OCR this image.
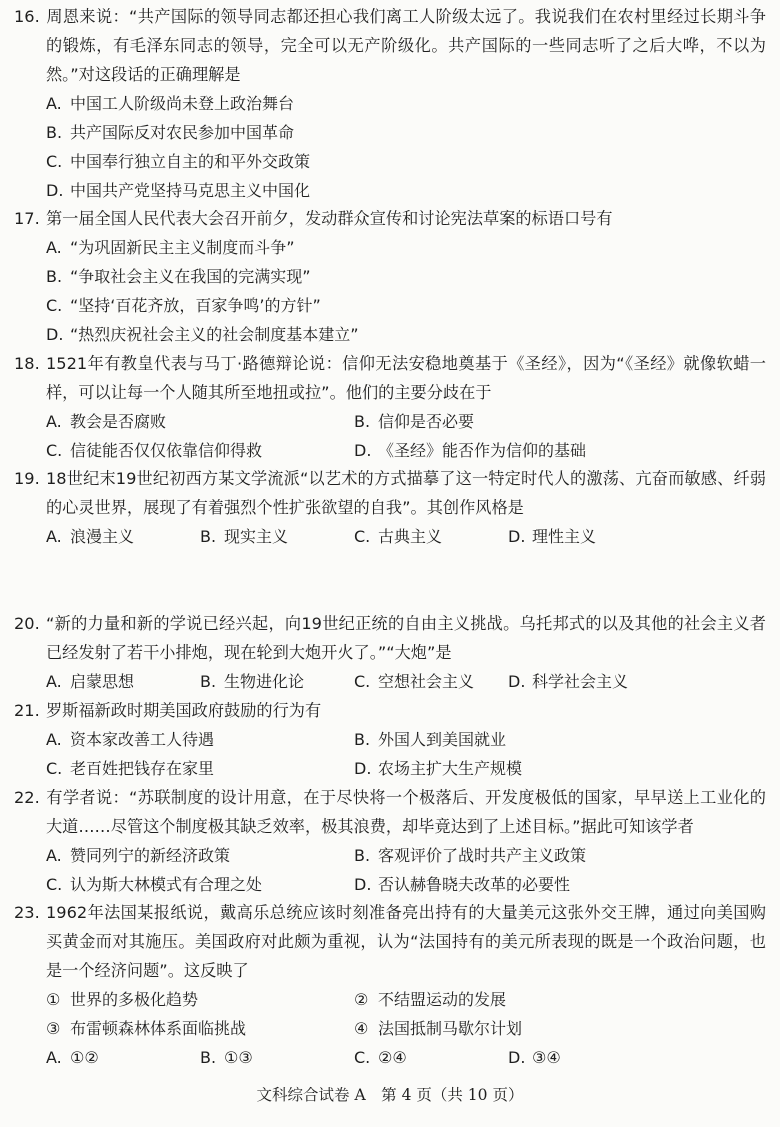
16. 周恩来说：“共产国际的领导同志都还担心我们离工人阶级太远了。我说我们在农村里经过长期斗争的锻炼，有毛泽东同志的领导，完全可以无产阶级化。共产国际的一些同志听了之后大哗，不以为然。”对这段话的正确理解是

A. 中国工人阶级尚未登上政治舞台
B. 共产国际反对农民参加中国革命
C. 中国奉行独立自主的和平外交政策
D. 中国共产党坚持马克思主义中国化

17. 第一届全国人民代表大会召开前夕，发动群众宣传和讨论宪法草案的标语口号有

A. “为巩固新民主主义制度而斗争”
B. “争取社会主义在我国的完满实现”
C. “坚持‘百花齐放，百家争鸣’的方针”
D. “热烈庆祝社会主义的社会制度基本建立”

18. 1521年有教皇代表与马丁·路德辩论说：信仰无法安稳地奠基于《圣经》，因为“《圣经》就像软蜡一样，可以让每一个人随其所至地扭或拉”。他们的主要分歧在于

A. 教会是否腐败	B. 信仰是否必要
C. 信徒能否仅仅依靠信仰得救	D. 《圣经》能否作为信仰的基础

19. 18世纪末19世纪初西方某文学流派“以艺术的方式描摹了这一特定时代人的激荡、亢奋而敏感、纤弱的心灵世界，展现了有着强烈个性扩张欲望的自我”。其创作风格是

A. 浪漫主义	B. 现实主义	C. 古典主义	D. 理性主义

20. “新的力量和新的学说已经兴起，向19世纪正统的自由主义挑战。乌托邦式的以及其他的社会主义者已经发射了若干小排炮，现在轮到大炮开火了。”“大炮”是

A. 启蒙思想	B. 生物进化论	C. 空想社会主义	D. 科学社会主义

21. 罗斯福新政时期美国政府鼓励的行为有

A. 资本家改善工人待遇	B. 外国人到美国就业
C. 老百姓把钱存在家里	D. 农场主扩大生产规模

22. 有学者说：“苏联制度的设计用意，在于尽快将一个极落后、开发度极低的国家，早早送上工业化的大道……尽管这个制度极其缺乏效率，极其浪费，却毕竟达到了上述目标。”据此可知该学者

A. 赞同列宁的新经济政策	B. 客观评价了战时共产主义政策
C. 认为斯大林模式有合理之处	D. 否认赫鲁晓夫改革的必要性

23. 1962年法国某报纸说，戴高乐总统应该时刻准备亮出持有的大量美元这张外交王牌，通过向美国购买黄金而对其施压。美国政府对此颇为重视，认为“法国持有的美元所表现的既是一个政治问题，也是一个经济问题”。这反映了

① 世界的多极化趋势	② 不结盟运动的发展
③ 布雷顿森林体系面临挑战	④ 法国抵制马歇尔计划
A. ①②	B. ①③	C. ②④	D. ③④
文科综合试卷 A　第 4 页（共 10 页）
